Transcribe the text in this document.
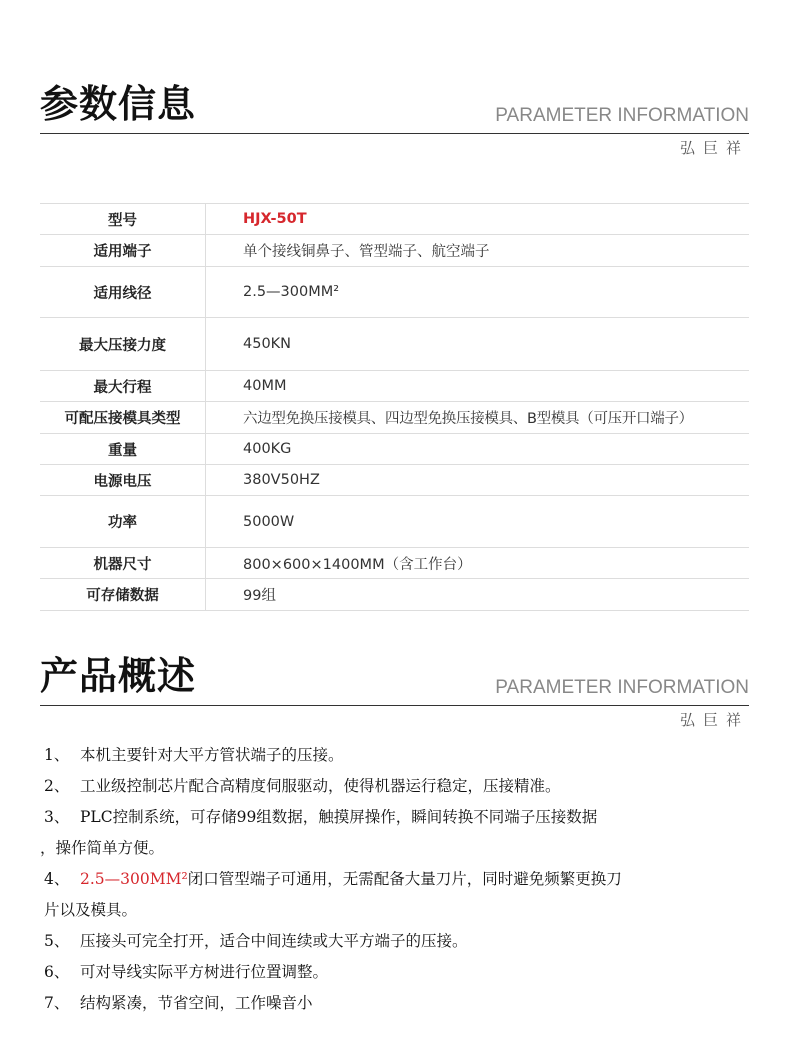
参数信息	PARAMETER INFORMATION
弘巨祥
型号	HJX-50T
适用端子	单个接线铜鼻子、管型端子、航空端子
适用线径	2.5—300MM²
最大压接力度	450KN
最大行程	40MM
可配压接模具类型	六边型免换压接模具、四边型免换压接模具、B型模具（可压开口端子）
重量	400KG
电源电压	380V50HZ
功率	5000W
机器尺寸	800×600×1400MM（含工作台）
可存储数据	99组
产品概述	PARAMETER INFORMATION
弘巨祥
1、 本机主要针对大平方管状端子的压接。
2、 工业级控制芯片配合高精度伺服驱动，使得机器运行稳定，压接精准。
3、 PLC控制系统，可存储99组数据，触摸屏操作，瞬间转换不同端子压接数据
，操作简单方便。
4、 2.5—300MM²闭口管型端子可通用，无需配备大量刀片，同时避免频繁更换刀
片以及模具。
5、 压接头可完全打开，适合中间连续或大平方端子的压接。
6、 可对导线实际平方树进行位置调整。
7、 结构紧凑，节省空间，工作噪音小
